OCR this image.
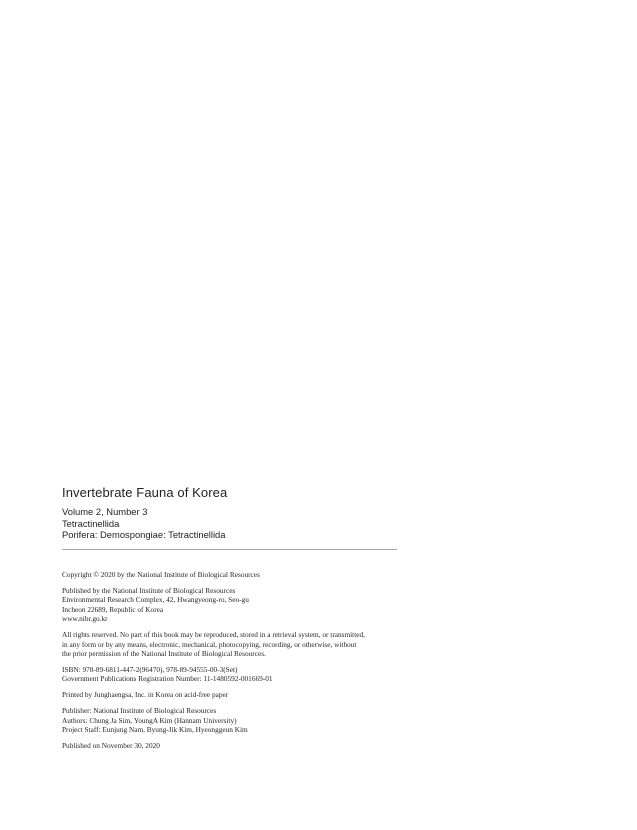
Invertebrate Fauna of Korea
Volume 2, Number 3
Tetractinellida
Porifera: Demospongiae: Tetractinellida

Copyright © 2020 by the National Institute of Biological Resources

Published by the National Institute of Biological Resources
Environmental Research Complex, 42, Hwangyeong-ro, Seo-gu
Incheon 22689, Republic of Korea
www.nibr.go.kr

All rights reserved. No part of this book may be reproduced, stored in a retrieval system, or transmitted,
in any form or by any means, electronic, mechanical, photocopying, recording, or otherwise, without
the prior permission of the National Institute of Biological Resources.

ISBN: 978-89-6811-447-2(96470), 978-89-94555-00-3(Set)
Government Publications Registration Number: 11-1480592-001669-01

Printed by Junghaengsa, Inc. in Korea on acid-free paper

Publisher: National Institute of Biological Resources
Authors: Chung Ja Sim, YoungA Kim (Hannam University)
Project Staff: Eunjung Nam, Byung-Jik Kim, Hyeonggeun Kim

Published on November 30, 2020
